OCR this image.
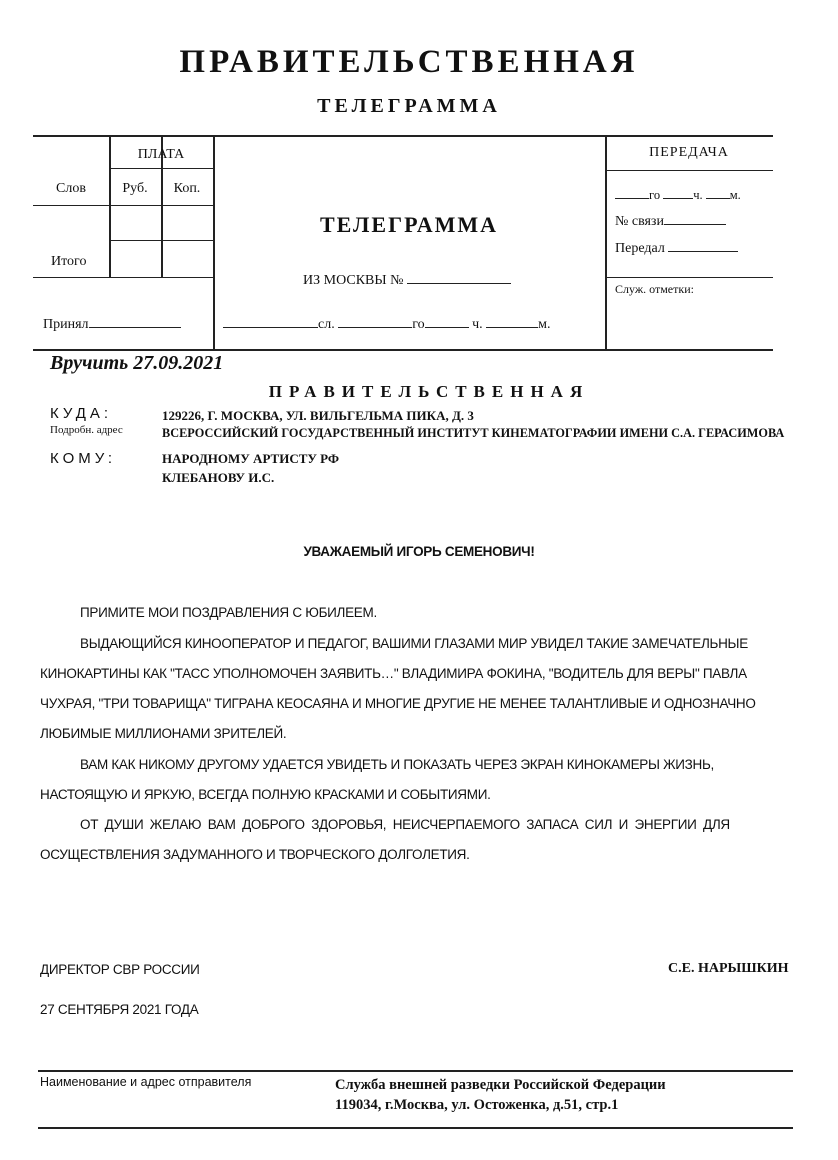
ПРАВИТЕЛЬСТВЕННАЯ
ТЕЛЕГРАММА
ПЛАТА
Слов	Руб.	Коп.
Итого
Принял
ТЕЛЕГРАММА
ИЗ МОСКВЫ №
сл.	го	ч.	м.
ПЕРЕДАЧА
го	ч. м.
№ связи
Передал
Служ. отметки:
Вручить 27.09.2021
ПРАВИТЕЛЬСТВЕННАЯ
КУДА:
Подробн. адрес
129226, Г. МОСКВА, УЛ. ВИЛЬГЕЛЬМА ПИКА, Д. 3
ВСЕРОССИЙСКИЙ ГОСУДАРСТВЕННЫЙ ИНСТИТУТ КИНЕМАТОГРАФИИ ИМЕНИ С.А. ГЕРАСИМОВА
КОМУ:	НАРОДНОМУ АРТИСТУ РФ
КЛЕБАНОВУ И.С.
УВАЖАЕМЫЙ ИГОРЬ СЕМЕНОВИЧ!
ПРИМИТЕ МОИ ПОЗДРАВЛЕНИЯ С ЮБИЛЕЕМ.
ВЫДАЮЩИЙСЯ КИНООПЕРАТОР И ПЕДАГОГ, ВАШИМИ ГЛАЗАМИ МИР УВИДЕЛ ТАКИЕ ЗАМЕЧАТЕЛЬНЫЕ
КИНОКАРТИНЫ КАК "ТАСС УПОЛНОМОЧЕН ЗАЯВИТЬ…" ВЛАДИМИРА ФОКИНА, "ВОДИТЕЛЬ ДЛЯ ВЕРЫ" ПАВЛА
ЧУХРАЯ, "ТРИ ТОВАРИЩА" ТИГРАНА КЕОСАЯНА И МНОГИЕ ДРУГИЕ НЕ МЕНЕЕ ТАЛАНТЛИВЫЕ И ОДНОЗНАЧНО
ЛЮБИМЫЕ МИЛЛИОНАМИ ЗРИТЕЛЕЙ.
ВАМ КАК НИКОМУ ДРУГОМУ УДАЕТСЯ УВИДЕТЬ И ПОКАЗАТЬ ЧЕРЕЗ ЭКРАН КИНОКАМЕРЫ ЖИЗНЬ,
НАСТОЯЩУЮ И ЯРКУЮ, ВСЕГДА ПОЛНУЮ КРАСКАМИ И СОБЫТИЯМИ.
ОТ ДУШИ ЖЕЛАЮ ВАМ ДОБРОГО ЗДОРОВЬЯ, НЕИСЧЕРПАЕМОГО ЗАПАСА СИЛ И ЭНЕРГИИ ДЛЯ
ОСУЩЕСТВЛЕНИЯ ЗАДУМАННОГО И ТВОРЧЕСКОГО ДОЛГОЛЕТИЯ.
ДИРЕКТОР СВР РОССИИ	С.Е. НАРЫШКИН
27 СЕНТЯБРЯ 2021 ГОДА
Наименование и адрес отправителя	Служба внешней разведки Российской Федерации
119034, г.Москва, ул. Остоженка, д.51, стр.1
